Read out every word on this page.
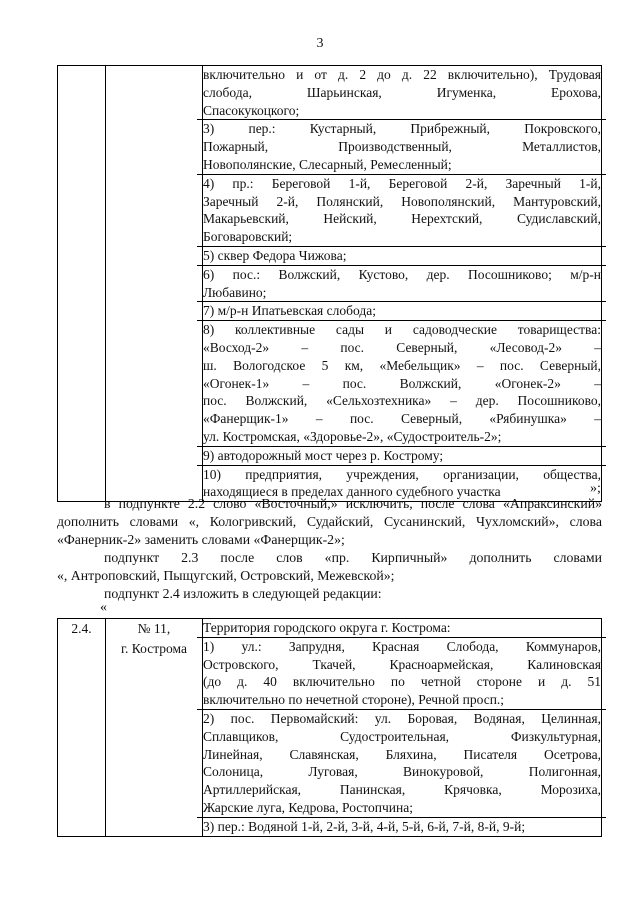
3

включительно и от д. 2 до д. 22 включительно), Трудовая
слобода, Шарьинская, Игуменка, Ерохова,
Спасокукоцкого;
3) пер.: Кустарный, Прибрежный, Покровского,
Пожарный, Производственный, Металлистов,
Новополянские, Слесарный, Ремесленный;
4) пр.: Береговой 1-й, Береговой 2-й, Заречный 1-й,
Заречный 2-й, Полянский, Новополянский, Мантуровский,
Макарьевский, Нейский, Нерехтский, Судиславский,
Боговаровский;
5) сквер Федора Чижова;
6) пос.: Волжский, Кустово, дер. Посошниково; м/р-н
Любавино;
7) м/р-н Ипатьевская слобода;
8) коллективные сады и садоводческие товарищества:
«Восход-2» – пос. Северный, «Лесовод-2» –
ш. Вологодское 5 км, «Мебельщик» – пос. Северный,
«Огонек-1» – пос. Волжский, «Огонек-2» –
пос. Волжский, «Сельхозтехника» – дер. Посошниково,
«Фанерщик-1» – пос. Северный, «Рябинушка» –
ул. Костромская, «Здоровье-2», «Судостроитель-2»;
9) автодорожный мост через р. Кострому;
10) предприятия, учреждения, организации, общества,
находящиеся в пределах данного судебного участка	»;
в подпункте 2.2 слово «Восточный,» исключить, после слова «Апраксинский»
дополнить словами «, Кологривский, Судайский, Сусанинский, Чухломский», слова
«Фанерник-2» заменить словами «Фанерщик-2»;
подпункт 2.3 после слов «пр. Кирпичный» дополнить словами
«, Антроповский, Пыщугский, Островский, Межевской»;
подпункт 2.4 изложить в следующей редакции:
«
2.4.	№ 11,
г. Кострома

Территория городского округа г. Кострома:
1) ул.: Запрудня, Красная Слобода, Коммунаров,
Островского, Ткачей, Красноармейская, Калиновская
(до д. 40 включительно по четной стороне и д. 51
включительно по нечетной стороне), Речной просп.;
2) пос. Первомайский: ул. Боровая, Водяная, Целинная,
Сплавщиков, Судостроительная, Физкультурная,
Линейная, Славянская, Бляхина, Писателя Осетрова,
Солоница, Луговая, Винокуровой, Полигонная,
Артиллерийская, Панинская, Крячовка, Морозиха,
Жарские луга, Кедрова, Ростопчина;
3) пер.: Водяной 1-й, 2-й, 3-й, 4-й, 5-й, 6-й, 7-й, 8-й, 9-й;
